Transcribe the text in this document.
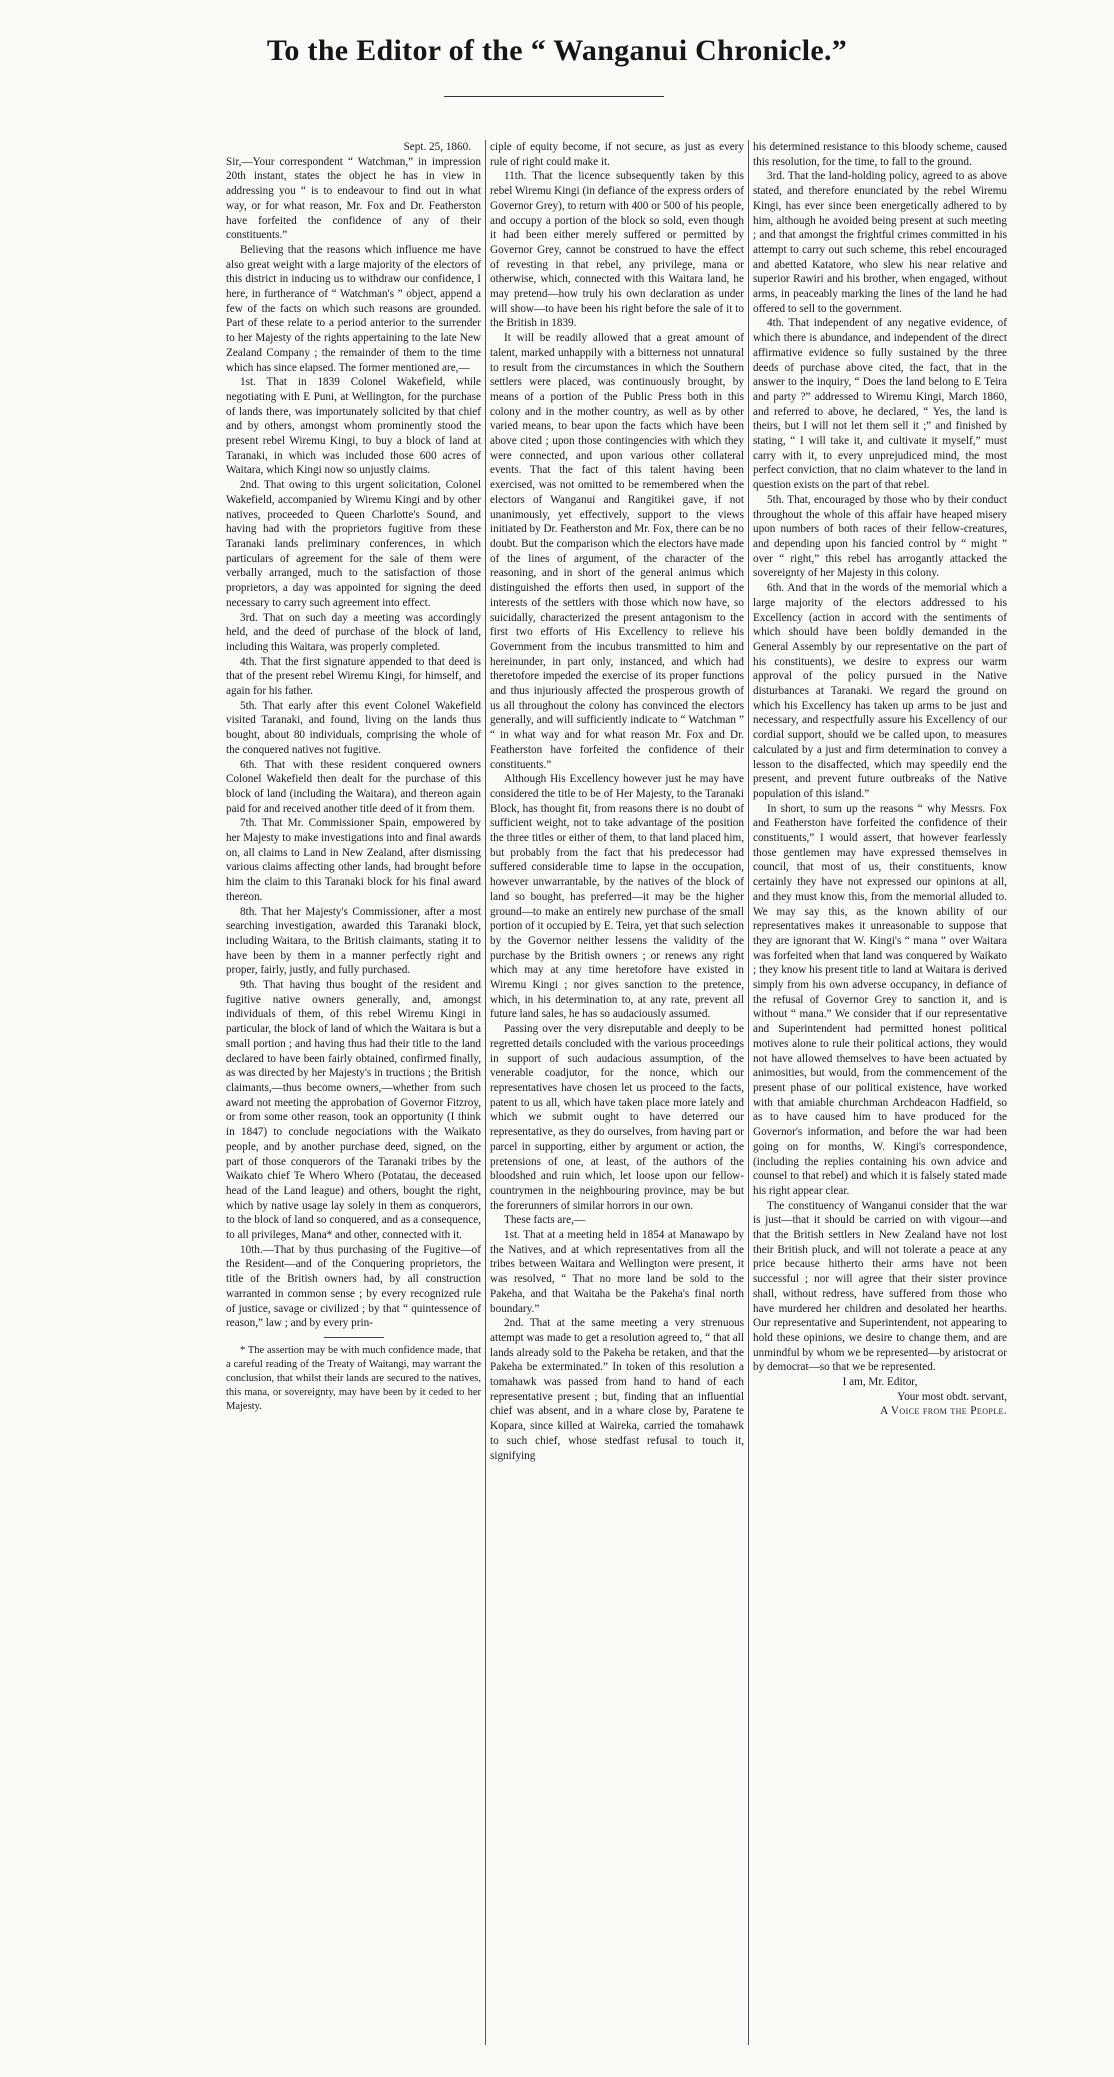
To the Editor of the “ Wanganui Chronicle.”
Sept. 25, 1860.

Sir,—Your correspondent “ Watchman,” in impression 20th instant, states the object he has in view in addressing you “ is to endeavour to find out in what way, or for what reason, Mr. Fox and Dr. Featherston have forfeited the confidence of any of their constituents.”

Believing that the reasons which influence me have also great weight with a large majority of the electors of this district in inducing us to withdraw our confidence, I here, in furtherance of “ Watchman's ” object, append a few of the facts on which such reasons are grounded. Part of these relate to a period anterior to the surrender to her Majesty of the rights appertaining to the late New Zealand Company ; the remainder of them to the time which has since elapsed. The former mentioned are,—

1st. That in 1839 Colonel Wakefield, while negotiating with E Puni, at Wellington, for the purchase of lands there, was importunately solicited by that chief and by others, amongst whom prominently stood the present rebel Wiremu Kingi, to buy a block of land at Taranaki, in which was included those 600 acres of Waitara, which Kingi now so unjustly claims.

2nd. That owing to this urgent solicitation, Colonel Wakefield, accompanied by Wiremu Kingi and by other natives, proceeded to Queen Charlotte's Sound, and having had with the proprietors fugitive from these Taranaki lands preliminary conferences, in which particulars of agreement for the sale of them were verbally arranged, much to the satisfaction of those proprietors, a day was appointed for signing the deed necessary to carry such agreement into effect.

3rd. That on such day a meeting was accordingly held, and the deed of purchase of the block of land, including this Waitara, was properly completed.

4th. That the first signature appended to that deed is that of the present rebel Wiremu Kingi, for himself, and again for his father.

5th. That early after this event Colonel Wakefield visited Taranaki, and found, living on the lands thus bought, about 80 individuals, comprising the whole of the conquered natives not fugitive.

6th. That with these resident conquered owners Colonel Wakefield then dealt for the purchase of this block of land (including the Waitara), and thereon again paid for and received another title deed of it from them.

7th. That Mr. Commissioner Spain, empowered by her Majesty to make investigations into and final awards on, all claims to Land in New Zealand, after dismissing various claims affecting other lands, had brought before him the claim to this Taranaki block for his final award thereon.

8th. That her Majesty's Commissioner, after a most searching investigation, awarded this Taranaki block, including Waitara, to the British claimants, stating it to have been by them in a manner perfectly right and proper, fairly, justly, and fully purchased.

9th. That having thus bought of the resident and fugitive native owners generally, and, amongst individuals of them, of this rebel Wiremu Kingi in particular, the block of land of which the Waitara is but a small portion ; and having thus had their title to the land declared to have been fairly obtained, confirmed finally, as was directed by her Majesty's in tructions ; the British claimants,—thus become owners,—whether from such award not meeting the approbation of Governor Fitzroy, or from some other reason, took an opportunity (I think in 1847) to conclude negociations with the Waikato people, and by another purchase deed, signed, on the part of those conquerors of the Taranaki tribes by the Waikato chief Te Whero Whero (Potatau, the deceased head of the Land league) and others, bought the right, which by native usage lay solely in them as conquerors, to the block of land so conquered, and as a consequence, to all privileges, Mana* and other, connected with it.

10th.—That by thus purchasing of the Fugitive—of the Resident—and of the Conquering proprietors, the title of the British owners had, by all construction warranted in common sense ; by every recognized rule of justice, savage or civilized ; by that “ quintessence of reason,” law ; and by every prin-

* The assertion may be with much confidence made, that a careful reading of the Treaty of Waitangi, may warrant the conclusion, that whilst their lands are secured to the natives, this mana, or sovereignty, may have been by it ceded to her Majesty.

ciple of equity become, if not secure, as just as every rule of right could make it.

11th. That the licence subsequently taken by this rebel Wiremu Kingi (in defiance of the express orders of Governor Grey), to return with 400 or 500 of his people, and occupy a portion of the block so sold, even though it had been either merely suffered or permitted by Governor Grey, cannot be construed to have the effect of revesting in that rebel, any privilege, mana or otherwise, which, connected with this Waitara land, he may pretend—how truly his own declaration as under will show—to have been his right before the sale of it to the British in 1839.

It will be readily allowed that a great amount of talent, marked unhappily with a bitterness not unnatural to result from the circumstances in which the Southern settlers were placed, was continuously brought, by means of a portion of the Public Press both in this colony and in the mother country, as well as by other varied means, to bear upon the facts which have been above cited ; upon those contingencies with which they were connected, and upon various other collateral events. That the fact of this talent having been exercised, was not omitted to be remembered when the electors of Wanganui and Rangitikei gave, if not unanimously, yet effectively, support to the views initiated by Dr. Featherston and Mr. Fox, there can be no doubt. But the comparison which the electors have made of the lines of argument, of the character of the reasoning, and in short of the general animus which distinguished the efforts then used, in support of the interests of the settlers with those which now have, so suicidally, characterized the present antagonism to the first two efforts of His Excellency to relieve his Government from the incubus transmitted to him and hereinunder, in part only, instanced, and which had theretofore impeded the exercise of its proper functions and thus injuriously affected the prosperous growth of us all throughout the colony has convinced the electors generally, and will sufficiently indicate to “ Watchman ” “ in what way and for what reason Mr. Fox and Dr. Featherston have forfeited the confidence of their constituents.”

Although His Excellency however just he may have considered the title to be of Her Majesty, to the Taranaki Block, has thought fit, from reasons there is no doubt of sufficient weight, not to take advantage of the position the three titles or either of them, to that land placed him, but probably from the fact that his predecessor had suffered considerable time to lapse in the occupation, however unwarrantable, by the natives of the block of land so bought, has preferred—it may be the higher ground—to make an entirely new purchase of the small portion of it occupied by E. Teira, yet that such selection by the Governor neither lessens the validity of the purchase by the British owners ; or renews any right which may at any time heretofore have existed in Wiremu Kingi ; nor gives sanction to the pretence, which, in his determination to, at any rate, prevent all future land sales, he has so audaciously assumed.

Passing over the very disreputable and deeply to be regretted details concluded with the various proceedings in support of such audacious assumption, of the venerable coadjutor, for the nonce, which our representatives have chosen let us proceed to the facts, patent to us all, which have taken place more lately and which we submit ought to have deterred our representative, as they do ourselves, from having part or parcel in supporting, either by argument or action, the pretensions of one, at least, of the authors of the bloodshed and ruin which, let loose upon our fellow-countrymen in the neighbouring province, may be but the forerunners of similar horrors in our own.

These facts are,—

1st. That at a meeting held in 1854 at Manawapo by the Natives, and at which representatives from all the tribes between Waitara and Wellington were present, it was resolved, “ That no more land be sold to the Pakeha, and that Waitaha be the Pakeha's final north boundary.”

2nd. That at the same meeting a very strenuous attempt was made to get a resolution agreed to, “ that all lands already sold to the Pakeha be retaken, and that the Pakeha be exterminated.” In token of this resolution a tomahawk was passed from hand to hand of each representative present ; but, finding that an influential chief was absent, and in a whare close by, Paratene te Kopara, since killed at Waireka, carried the tomahawk to such chief, whose stedfast refusal to touch it, signifying

his determined resistance to this bloody scheme, caused this resolution, for the time, to fall to the ground.

3rd. That the land-holding policy, agreed to as above stated, and therefore enunciated by the rebel Wiremu Kingi, has ever since been energetically adhered to by him, although he avoided being present at such meeting ; and that amongst the frightful crimes committed in his attempt to carry out such scheme, this rebel encouraged and abetted Katatore, who slew his near relative and superior Rawiri and his brother, when engaged, without arms, in peaceably marking the lines of the land he had offered to sell to the government.

4th. That independent of any negative evidence, of which there is abundance, and independent of the direct affirmative evidence so fully sustained by the three deeds of purchase above cited, the fact, that in the answer to the inquiry, “ Does the land belong to E Teira and party ?” addressed to Wiremu Kingi, March 1860, and referred to above, he declared, “ Yes, the land is theirs, but I will not let them sell it ;” and finished by stating, “ I will take it, and cultivate it myself,” must carry with it, to every unprejudiced mind, the most perfect conviction, that no claim whatever to the land in question exists on the part of that rebel.

5th. That, encouraged by those who by their conduct throughout the whole of this affair have heaped misery upon numbers of both races of their fellow-creatures, and depending upon his fancied control by “ might ” over “ right,” this rebel has arrogantly attacked the sovereignty of her Majesty in this colony.

6th. And that in the words of the memorial which a large majority of the electors addressed to his Excellency (action in accord with the sentiments of which should have been boldly demanded in the General Assembly by our representative on the part of his constituents), we desire to express our warm approval of the policy pursued in the Native disturbances at Taranaki. We regard the ground on which his Excellency has taken up arms to be just and necessary, and respectfully assure his Excellency of our cordial support, should we be called upon, to measures calculated by a just and firm determination to convey a lesson to the disaffected, which may speedily end the present, and prevent future outbreaks of the Native population of this island.”

In short, to sum up the reasons “ why Messrs. Fox and Featherston have forfeited the confidence of their constituents,” I would assert, that however fearlessly those gentlemen may have expressed themselves in council, that most of us, their constituents, know certainly they have not expressed our opinions at all, and they must know this, from the memorial alluded to. We may say this, as the known ability of our representatives makes it unreasonable to suppose that they are ignorant that W. Kingi's “ mana ” over Waitara was forfeited when that land was conquered by Waikato ; they know his present title to land at Waitara is derived simply from his own adverse occupancy, in defiance of the refusal of Governor Grey to sanction it, and is without “ mana.” We consider that if our representative and Superintendent had permitted honest political motives alone to rule their political actions, they would not have allowed themselves to have been actuated by animosities, but would, from the commencement of the present phase of our political existence, have worked with that amiable churchman Archdeacon Hadfield, so as to have caused him to have produced for the Governor's information, and before the war had been going on for months, W. Kingi's correspondence, (including the replies containing his own advice and counsel to that rebel) and which it is falsely stated made his right appear clear.

The constituency of Wanganui consider that the war is just—that it should be carried on with vigour—and that the British settlers in New Zealand have not lost their British pluck, and will not tolerate a peace at any price because hitherto their arms have not been successful ; nor will agree that their sister province shall, without redress, have suffered from those who have murdered her children and desolated her hearths. Our representative and Superintendent, not appearing to hold these opinions, we desire to change them, and are unmindful by whom we be represented—by aristocrat or by democrat—so that we be represented.

I am, Mr. Editor,
Your most obdt. servant,
A Voice from the People.
